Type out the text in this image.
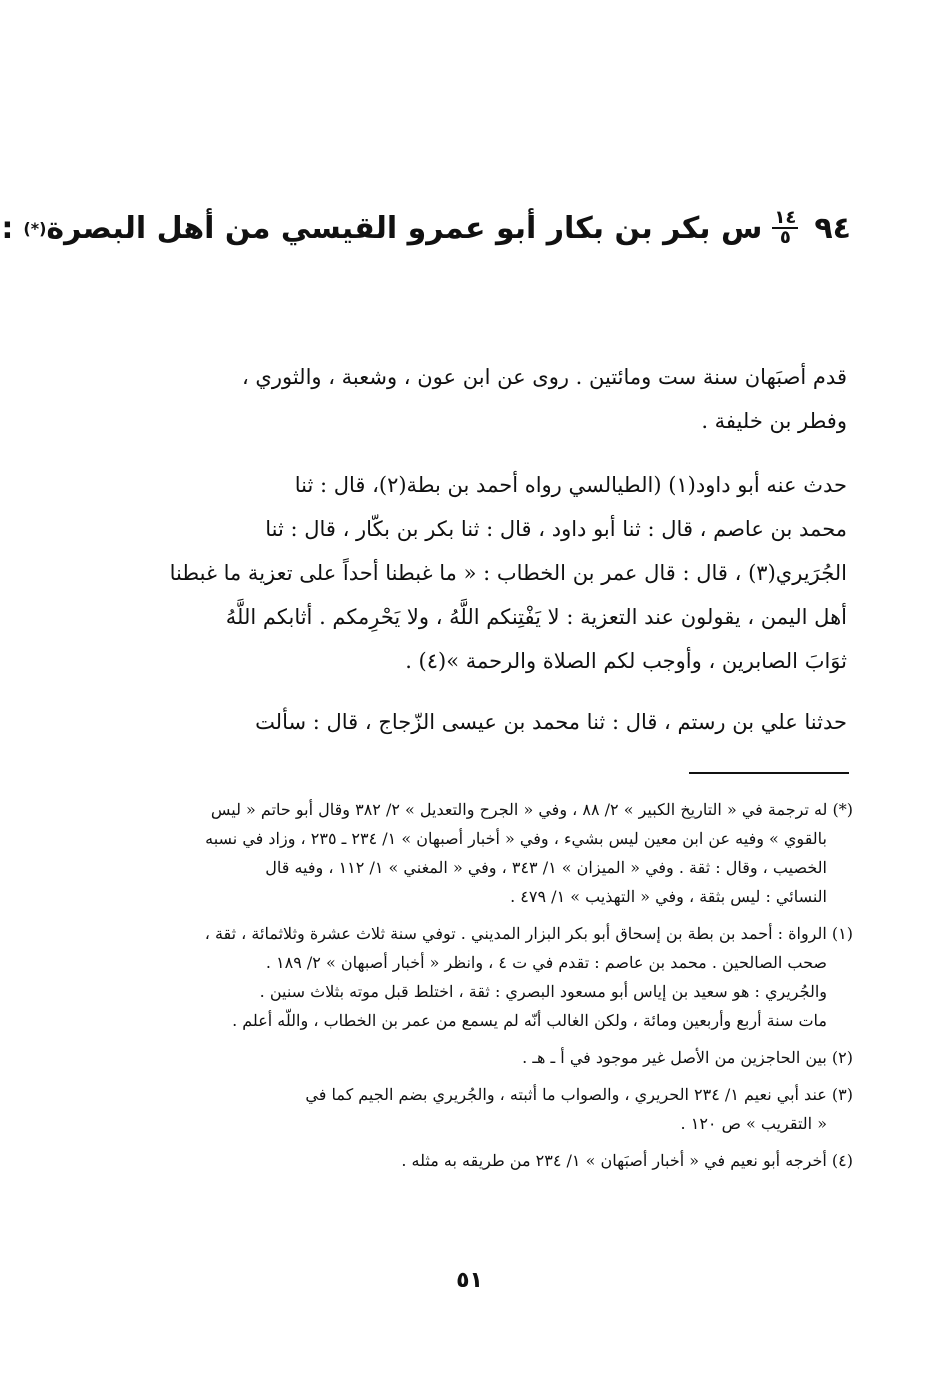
٩٤
$\frac{١٤}{٥}$
س بكر بن بكار أبو عمرو القيسي من أهل البصرة
(*)
:
قدم أصبَهان سنة ست ومائتين . روى عن ابن عون ، وشعبة ، والثوري ،
وفطر بن خليفة .
حدث عنه أبو داود(١) (الطيالسي رواه أحمد بن بطة(٢)، قال : ثنا
محمد بن عاصم ، قال : ثنا أبو داود ، قال : ثنا بكر بن بكّار ، قال : ثنا
الجُرَيري(٣) ، قال : قال عمر بن الخطاب : « ما غبطنا أحداً على تعزية ما غبطنا
أهل اليمن ، يقولون عند التعزية : لا يَفْتِنكم اللَّهُ ، ولا يَحْرِمكم . أثابكم اللَّهُ
ثوَابَ الصابرين ، وأوجب لكم الصلاة والرحمة »(٤) .
حدثنا علي بن رستم ، قال : ثنا محمد بن عيسى الزّجاج ، قال : سألت
(*) له ترجمة في « التاريخ الكبير » ٢/ ٨٨ ، وفي « الجرح والتعديل » ٢/ ٣٨٢ وقال أبو حاتم « ليس
بالقوي » وفيه عن ابن معين ليس بشيء ، وفي « أخبار أصبهان » ١/ ٢٣٤ ـ ٢٣٥ ، وزاد في نسبه
الخصيب ، وقال : ثقة . وفي « الميزان » ١/ ٣٤٣ ، وفي « المغني » ١/ ١١٢ ، وفيه قال
النسائي : ليس بثقة ، وفي « التهذيب » ١/ ٤٧٩ .
(١) الرواة : أحمد بن بطة بن إسحاق أبو بكر البزار المديني . توفي سنة ثلاث عشرة وثلاثمائة ، ثقة ،
صحب الصالحين . محمد بن عاصم : تقدم في ت ٤ ، وانظر « أخبار أصبهان » ٢/ ١٨٩ .
والجُريري : هو سعيد بن إياس أبو مسعود البصري : ثقة ، اختلط قبل موته بثلاث سنين .
مات سنة أربع وأربعين ومائة ، ولكن الغالب أنّه لم يسمع من عمر بن الخطاب ، واللّه أعلم .
(٢) بين الحاجزين من الأصل غير موجود في أ ـ هـ .
(٣) عند أبي نعيم ١/ ٢٣٤ الحريري ، والصواب ما أثبته ، والجُريري بضم الجيم كما في
« التقريب » ص ١٢٠ .
(٤) أخرجه أبو نعيم في « أخبار أصبَهان » ١/ ٢٣٤ من طريقه به مثله .
٥١
